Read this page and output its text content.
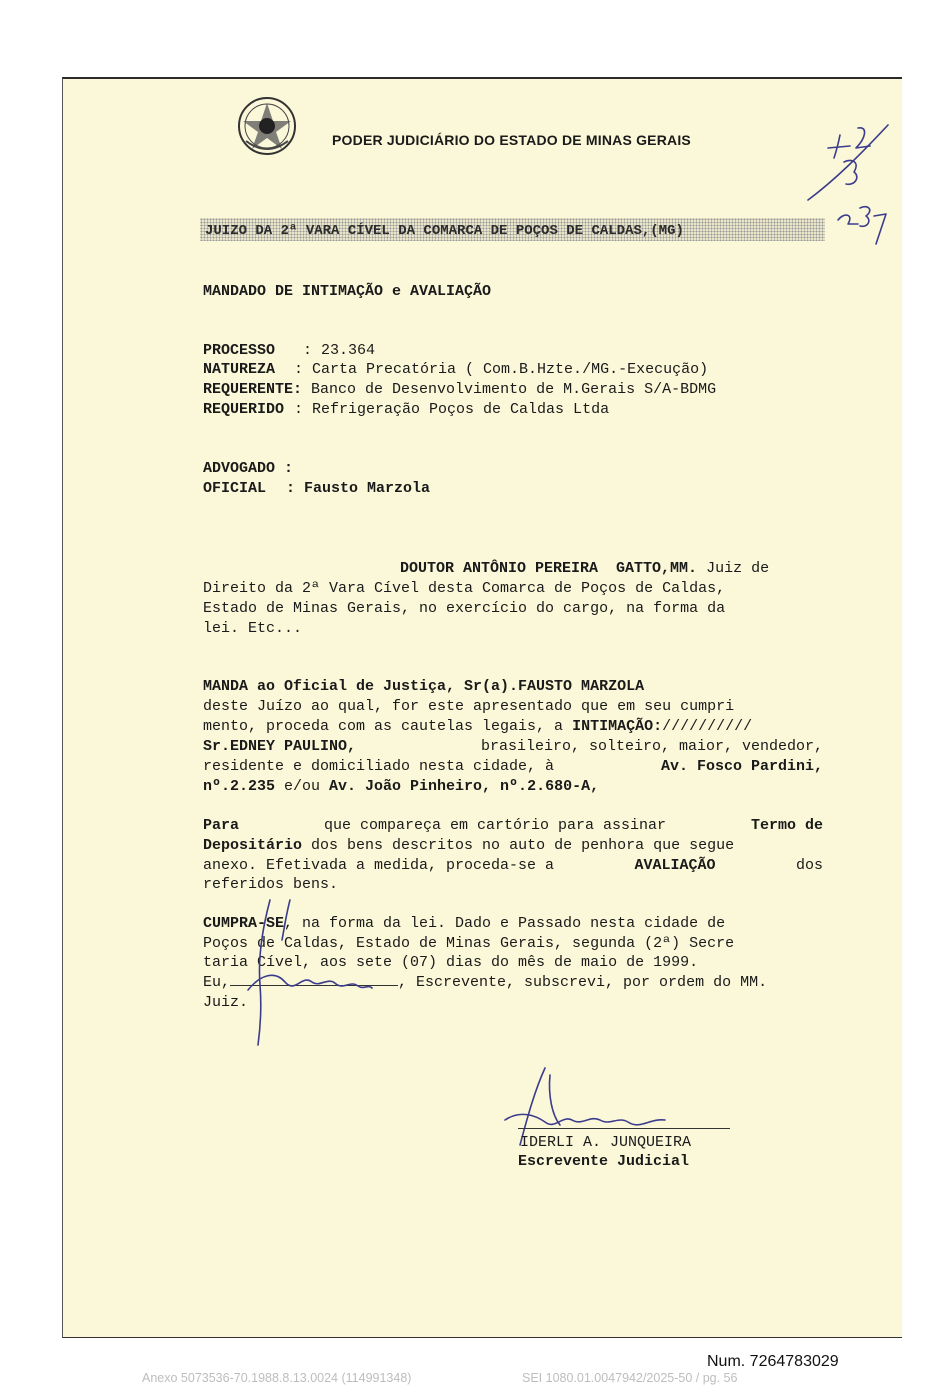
PODER JUDICIÁRIO DO ESTADO DE MINAS GERAIS
JUIZO DA 2ª VARA CÍVEL DA COMARCA DE POÇOS DE CALDAS,(MG)
MANDADO DE INTIMAÇÃO e AVALIAÇÃO
PROCESSO : 23.364
NATUREZA : Carta Precatória ( Com.B.Hzte./MG.-Execução)
REQUERENTE: Banco de Desenvolvimento de M.Gerais S/A-BDMG
REQUERIDO : Refrigeração Poços de Caldas Ltda
ADVOGADO :
OFICIAL : Fausto Marzola
DOUTOR ANTÔNIO PEREIRA  GATTO,MM. Juiz de
Direito da 2ª Vara Cível desta Comarca de Poços de Caldas,
Estado de Minas Gerais, no exercício do cargo, na forma da
lei. Etc...
MANDA ao Oficial de Justiça, Sr(a).FAUSTO MARZOLA
deste Juízo ao qual, for este apresentado que em seu cumpri
mento, proceda com as cautelas legais, a INTIMAÇÃO://////////
Sr.EDNEY PAULINO,	brasileiro, solteiro, maior, vendedor,
residente e domiciliado nesta cidade, à	Av. Fosco Pardini,
nº.2.235 e/ou Av. João Pinheiro, nº.2.680-A,
Para	que compareça em cartório para assinar	Termo de
Depositário dos bens descritos no auto de penhora que segue
anexo. Efetivada a medida, proceda-se a	AVALIAÇÃO	dos
referidos bens.
CUMPRA-SE, na forma da lei. Dado e Passado nesta cidade de
Poços de Caldas, Estado de Minas Gerais, segunda (2ª) Secre
taria Cível, aos sete (07) dias do mês de maio de 1999.
Eu,	, Escrevente, subscrevi, por ordem do MM.
Juiz.
IDERLI A. JUNQUEIRA
Escrevente Judicial
Num. 7264783029
Anexo 5073536-70.1988.8.13.0024 (114991348)	SEI 1080.01.0047942/2025-50 / pg. 56
